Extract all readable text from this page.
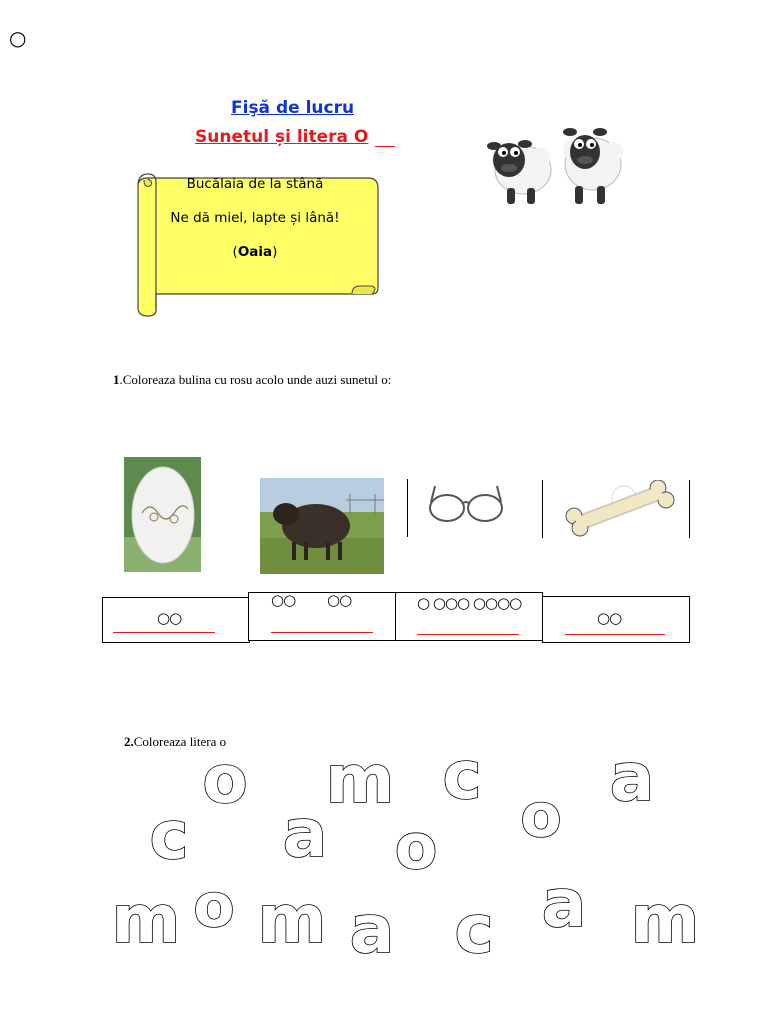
○
Fişă de lucru
Sunetul și litera O

Bucălaia de la stână

Ne dă miel, lapte și lână!

(Oaia)

1.Coloreaza bulina cu rosu acolo unde auzi sunetul o:
○○
○○ ○○	○ ○○○ ○○○○
○○
2.Coloreaza litera o
o m c
o a
c a o
m o m a c a m
